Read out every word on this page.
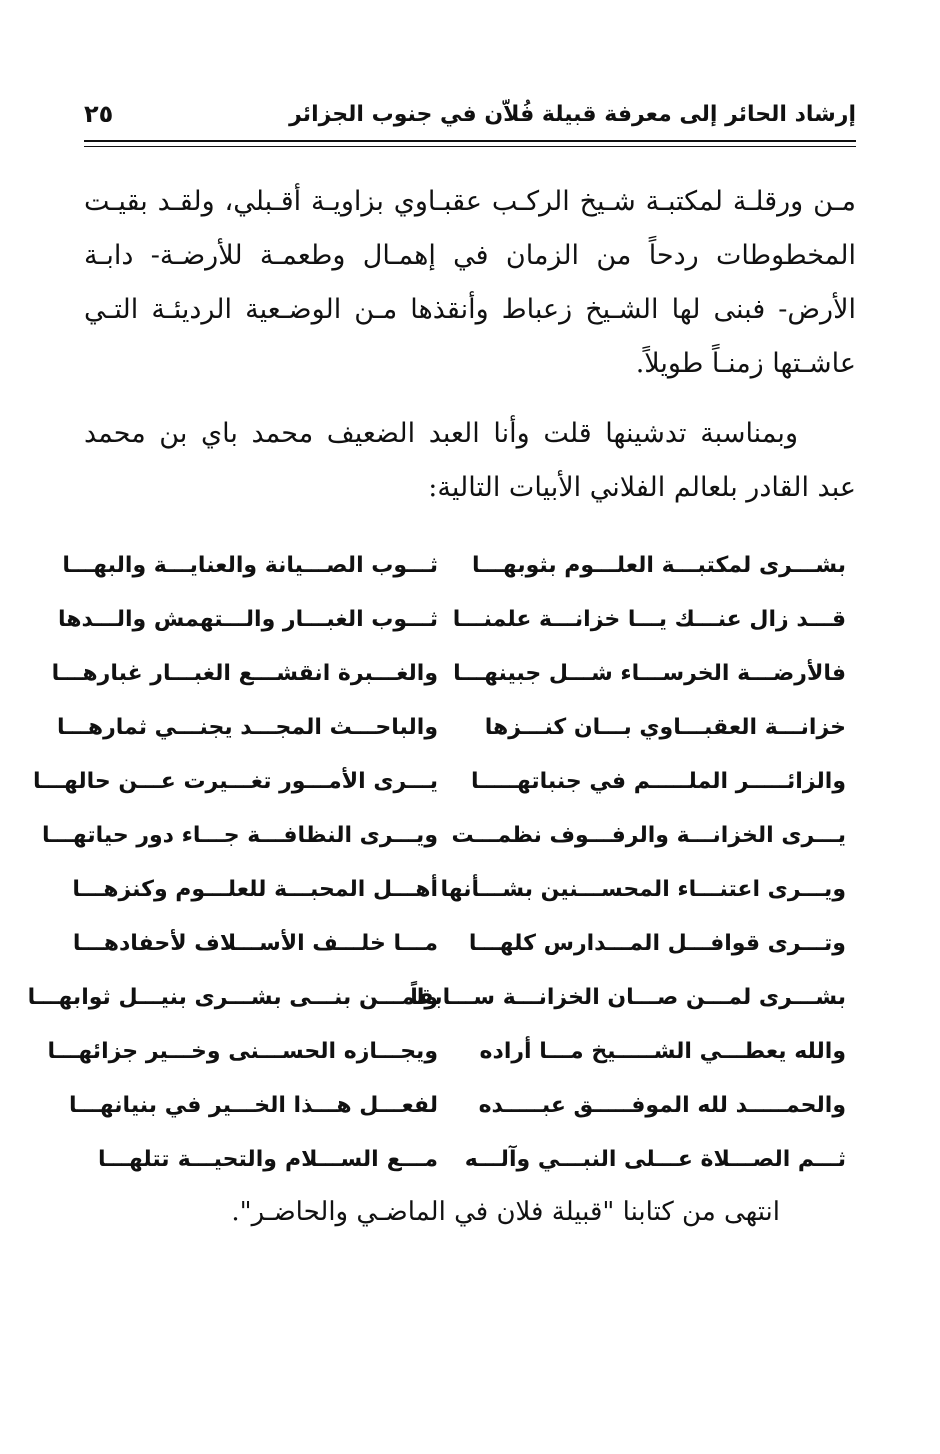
إرشاد الحائر إلى معرفة قبيلة فُلاّن في جنوب الجزائر
٢٥

مـن ورقلـة لمكتبـة شـيخ الركـب عقبـاوي بزاويـة أقـبلي، ولقـد بقيـت المخطوطات ردحاً من الزمان في إهمـال وطعمـة للأرضـة- دابـة الأرض- فبنى لها الشـيخ زعباط وأنقذها مـن الوضـعية الرديئـة التـي عاشـتها زمنـاً طويلاً.

وبمناسبة تدشينها قلت وأنا العبد الضعيف محمد باي بن محمد عبد القادر بلعالم الفلاني الأبيات التالية:

بشـــرى لمكتبـــة العلـــوم بثوبهـــا
ثـــوب الصـــيانة والعنايـــة والبهـــا
قـــد زال عنـــك يـــا خزانـــة علمنـــا
ثـــوب الغبـــار والـــتهمش والـــدها
فالأرضـــة الخرســـاء شـــل جبينهـــا
والغـــبرة انقشـــع الغبـــار غبارهـــا
خزانـــة العقبـــاوي بـــان كنـــزها
والباحـــث المجـــد يجنـــي ثمارهـــا
والزائـــــر الملـــــم في جنباتهـــــا
يـــرى الأمـــور تغـــيرت عـــن حالهـــا
يـــرى الخزانـــة والرفـــوف نظمـــت
ويـــرى النظافـــة جـــاء دور حياتهـــا
ويـــرى اعتنـــاء المحســـنين بشـــأنها
أهـــل المحبـــة للعلـــوم وكنزهـــا
وتـــرى قوافـــل المـــدارس كلهـــا
مـــا خلـــف الأســـلاف لأحفادهـــا
بشـــرى لمـــن صـــان الخزانـــة ســـابقاً
ولمـــن بنـــى بشـــرى بنيـــل ثوابهـــا
والله يعطـــي الشـــــيخ مـــا أراده
ويجـــازه الحســـنى وخـــير جزائهـــا
والحمـــــد لله الموفـــــق عبـــــده
لفعـــل هـــذا الخـــير في بنيانهـــا
ثـــم الصـــلاة عـــلى النبـــي وآلـــه
مـــع الســـلام والتحيـــة تتلهـــا

انتهى من كتابنا "قبيلة فلان في الماضـي والحاضـر".
